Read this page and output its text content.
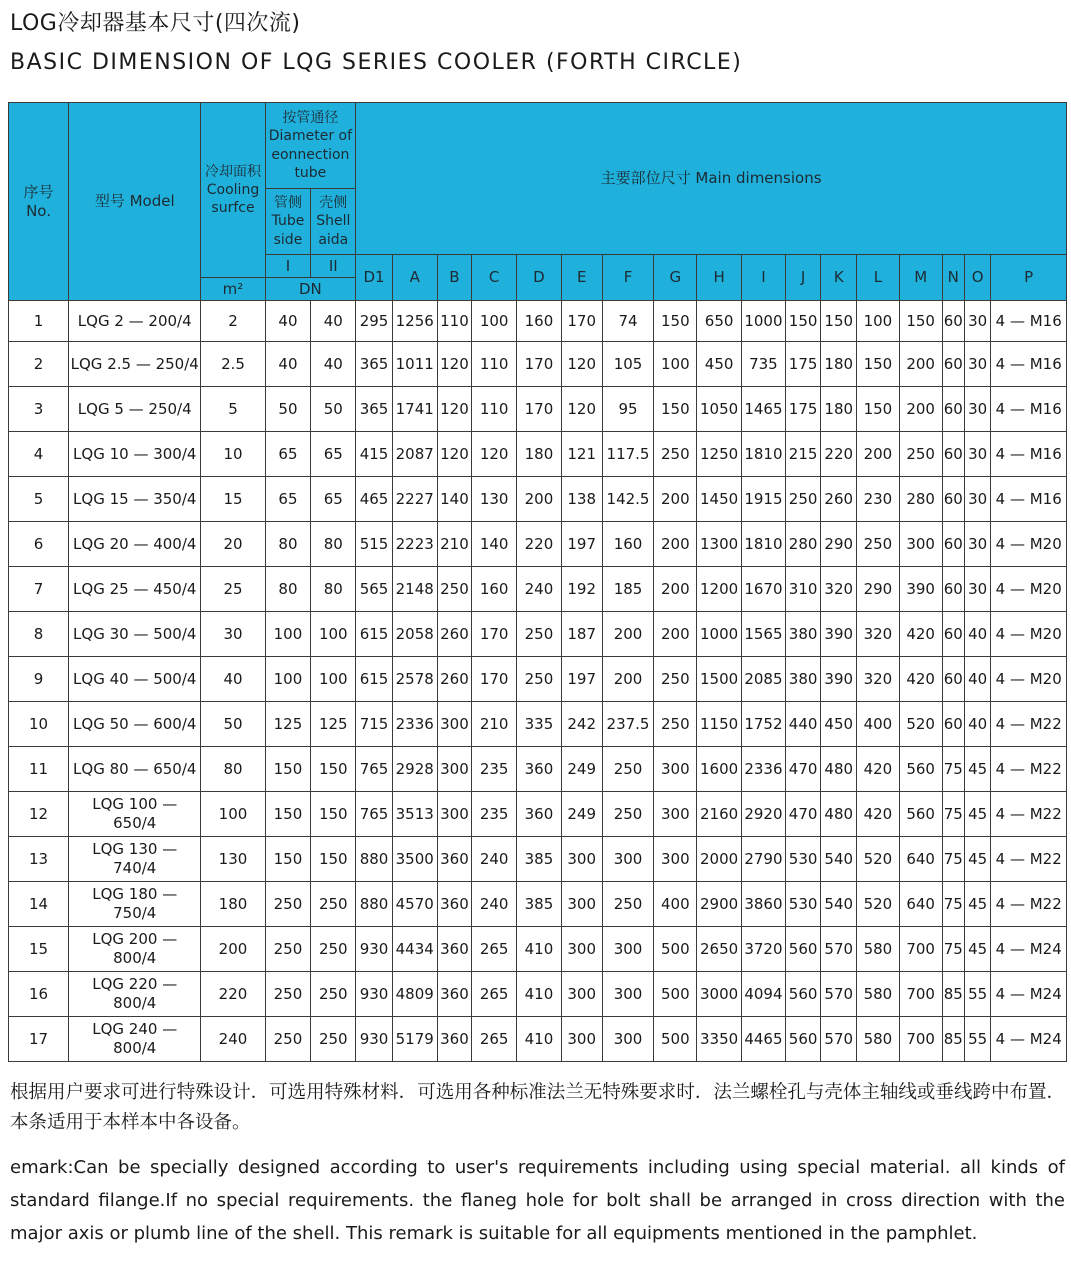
LOG冷却器基本尺寸(四次流)
BASIC DIMENSION OF LQG SERIES COOLER (FORTH CIRCLE)
序号 No.	型号 Model	冷却面积 Cooling surfce	按管通径 Diameter of eonnection tube		主要部位尺寸 Main dimensions																
			管侧 Tube side	壳侧 Shell aida																	
			I	II	D1	A	B	C	D	E	F	G	H	I	J	K	L	M	N	O	P
		m²	DN																		
1	LQG 2 — 200/4	2	40	40	295	1256	110	100	160	170	74	150	650	1000	150	150	100	150	60	30	4 — M16
2	LQG 2.5 — 250/4	2.5	40	40	365	1011	120	110	170	120	105	100	450	735	175	180	150	200	60	30	4 — M16
3	LQG 5 — 250/4	5	50	50	365	1741	120	110	170	120	95	150	1050	1465	175	180	150	200	60	30	4 — M16
4	LQG 10 — 300/4	10	65	65	415	2087	120	120	180	121	117.5	250	1250	1810	215	220	200	250	60	30	4 — M16
5	LQG 15 — 350/4	15	65	65	465	2227	140	130	200	138	142.5	200	1450	1915	250	260	230	280	60	30	4 — M16
6	LQG 20 — 400/4	20	80	80	515	2223	210	140	220	197	160	200	1300	1810	280	290	250	300	60	30	4 — M20
7	LQG 25 — 450/4	25	80	80	565	2148	250	160	240	192	185	200	1200	1670	310	320	290	390	60	30	4 — M20
8	LQG 30 — 500/4	30	100	100	615	2058	260	170	250	187	200	200	1000	1565	380	390	320	420	60	40	4 — M20
9	LQG 40 — 500/4	40	100	100	615	2578	260	170	250	197	200	250	1500	2085	380	390	320	420	60	40	4 — M20
10	LQG 50 — 600/4	50	125	125	715	2336	300	210	335	242	237.5	250	1150	1752	440	450	400	520	60	40	4 — M22
11	LQG 80 — 650/4	80	150	150	765	2928	300	235	360	249	250	300	1600	2336	470	480	420	560	75	45	4 — M22
12	LQG 100 — 650/4	100	150	150	765	3513	300	235	360	249	250	300	2160	2920	470	480	420	560	75	45	4 — M22
13	LQG 130 — 740/4	130	150	150	880	3500	360	240	385	300	300	300	2000	2790	530	540	520	640	75	45	4 — M22
14	LQG 180 — 750/4	180	250	250	880	4570	360	240	385	300	250	400	2900	3860	530	540	520	640	75	45	4 — M22
15	LQG 200 — 800/4	200	250	250	930	4434	360	265	410	300	300	500	2650	3720	560	570	580	700	75	45	4 — M24
16	LQG 220 — 800/4	220	250	250	930	4809	360	265	410	300	300	500	3000	4094	560	570	580	700	85	55	4 — M24
17	LQG 240 — 800/4	240	250	250	930	5179	360	265	410	300	300	500	3350	4465	560	570	580	700	85	55	4 — M24
根据用户要求可进行特殊设计．可选用特殊材料．可选用各种标准法兰无特殊要求时．法兰螺栓孔与壳体主轴线或垂线跨中布置．本条适用于本样本中各设备。
emark:Can be specially designed according to user's requirements including using special material. all kinds of standard filange.If no special requirements. the flaneg hole for bolt shall be arranged in cross direction with the major axis or plumb line of the shell. This remark is suitable for all equipments mentioned in the pamphlet.
